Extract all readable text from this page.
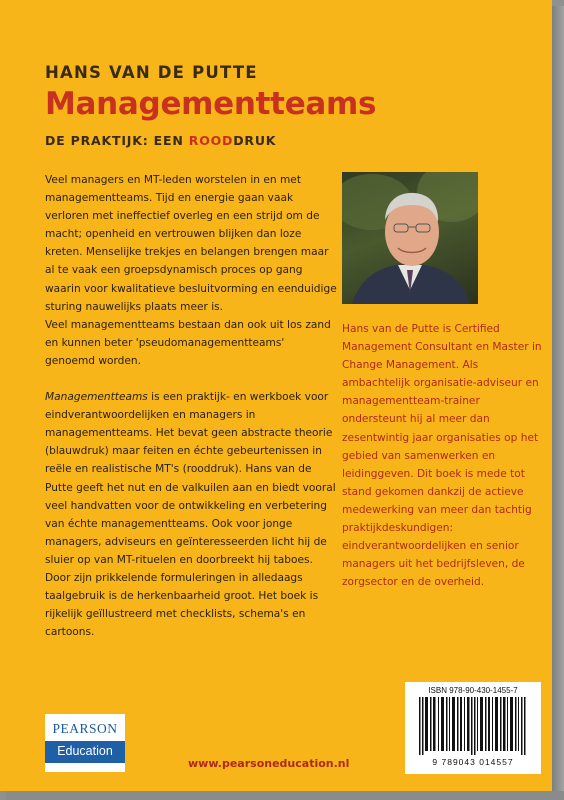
HANS VAN DE PUTTE
Managementteams
DE PRAKTIJK: EEN ROODDRUK

Veel managers en MT-leden worstelen in en met managementteams. Tijd en energie gaan vaak verloren met ineffectief overleg en een strijd om de macht; openheid en vertrouwen blijken dan loze kreten. Menselijke trekjes en belangen brengen maar al te vaak een groepsdynamisch proces op gang waarin voor kwalitatieve besluitvorming en eenduidige sturing nauwelijks plaats meer is.

Veel managementteams bestaan dan ook uit los zand en kunnen beter 'pseudomanagementteams' genoemd worden.

Managementteams is een praktijk- en werkboek voor eindverantwoordelijken en managers in managementteams. Het bevat geen abstracte theorie (blauwdruk) maar feiten en échte gebeurtenissen in reële en realistische MT's (rooddruk). Hans van de Putte geeft het nut en de valkuilen aan en biedt vooral veel handvatten voor de ontwikkeling en verbetering van échte managementteams. Ook voor jonge managers, adviseurs en geïnteresseerden licht hij de sluier op van MT-rituelen en doorbreekt hij taboes. Door zijn prikkelende formuleringen in alledaags taalgebruik is de herkenbaarheid groot. Het boek is rijkelijk geïllustreerd met checklists, schema's en cartoons.

Hans van de Putte is Certified Management Consultant en Master in Change Management. Als ambachtelijk organisatie-adviseur en managementteam-trainer ondersteunt hij al meer dan zesentwintig jaar organisaties op het gebied van samenwerken en leidinggeven. Dit boek is mede tot stand gekomen dankzij de actieve medewerking van meer dan tachtig praktijkdeskundigen: eindverantwoordelijken en senior managers uit het bedrijfsleven, de zorgsector en de overheid.
ISBN 978-90-430-1455-7
9 789043 014557
PEARSON
Education
www.pearsoneducation.nl
